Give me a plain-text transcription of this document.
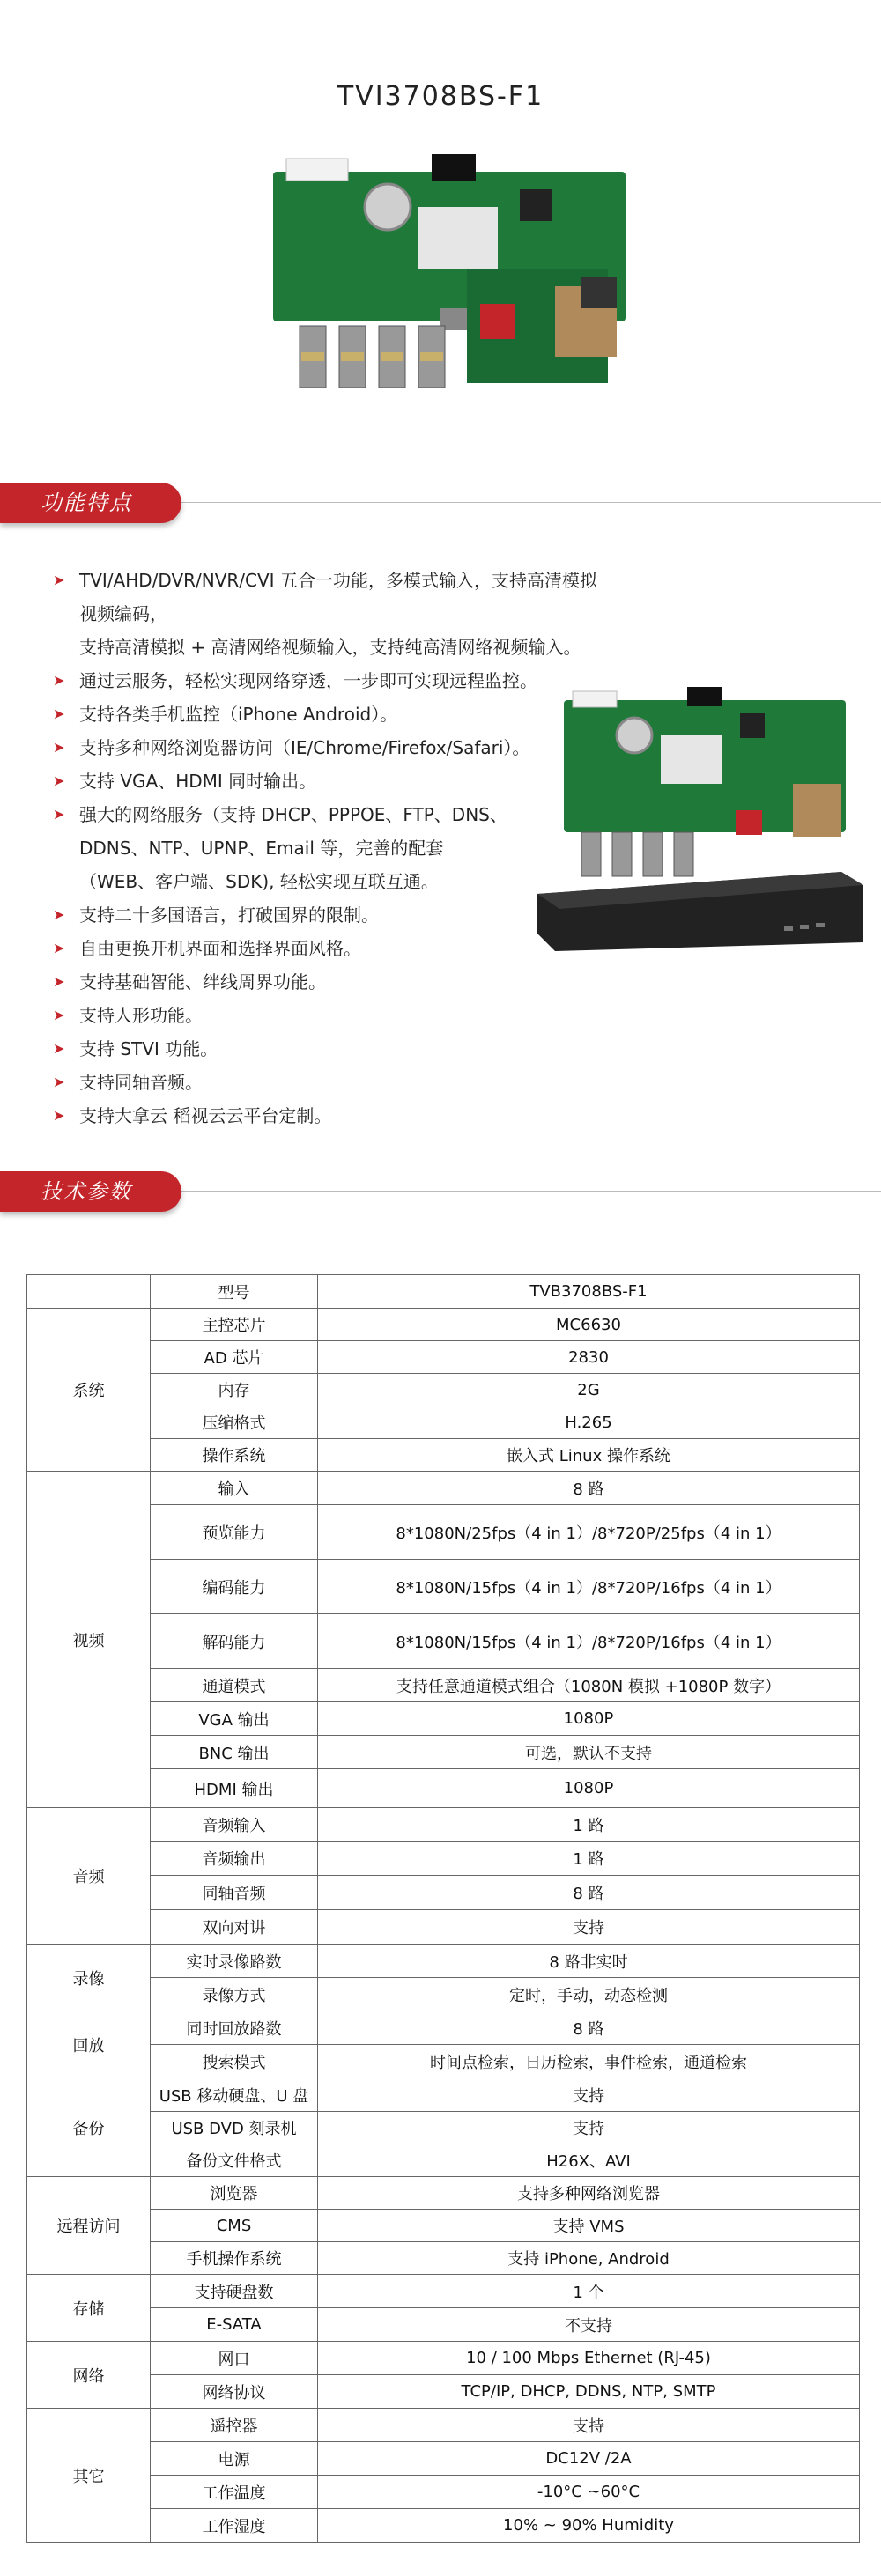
TVI3708BS-F1
功能特点
➤ TVI/AHD/DVR/NVR/CVI 五合一功能，多模式输入，支持高清模拟视频编码，
支持高清模拟 + 高清网络视频输入，支持纯高清网络视频输入。
➤ 通过云服务，轻松实现网络穿透，一步即可实现远程监控。
➤ 支持各类手机监控（iPhone Android）。
➤ 支持多种网络浏览器访问（IE/Chrome/Firefox/Safari）。
➤ 支持 VGA、HDMI 同时输出。
➤ 强大的网络服务（支持 DHCP、PPPOE、FTP、DNS、
DDNS、NTP、UPNP、Email 等，完善的配套
（WEB、客户端、SDK), 轻松实现互联互通。
➤ 支持二十多国语言，打破国界的限制。
➤ 自由更换开机界面和选择界面风格。
➤ 支持基础智能、绊线周界功能。
➤ 支持人形功能。
➤ 支持 STVI 功能。
➤ 支持同轴音频。
➤ 支持大拿云 稻视云云平台定制。
技术参数
	型号	TVB3708BS-F1
系统	主控芯片	MC6630
	AD 芯片	2830
	内存	2G
	压缩格式	H.265
	操作系统	嵌入式 Linux 操作系统
视频	输入	8 路
	预览能力	8*1080N/25fps（4 in 1）/8*720P/25fps（4 in 1）
	编码能力	8*1080N/15fps（4 in 1）/8*720P/16fps（4 in 1）
	解码能力	8*1080N/15fps（4 in 1）/8*720P/16fps（4 in 1）
	通道模式	支持任意通道模式组合（1080N 模拟 +1080P 数字）
	VGA 输出	1080P
	BNC 输出	可选，默认不支持
	HDMI 输出	1080P
音频	音频输入	1 路
	音频输出	1 路
	同轴音频	8 路
	双向对讲	支持
录像	实时录像路数	8 路非实时
	录像方式	定时，手动，动态检测
回放	同时回放路数	8 路
	搜索模式	时间点检索，日历检索，事件检索，通道检索
备份	USB 移动硬盘、U 盘	支持
	USB DVD 刻录机	支持
	备份文件格式	H26X、AVI
远程访问	浏览器	支持多种网络浏览器
	CMS	支持 VMS
	手机操作系统	支持 iPhone, Android
存储	支持硬盘数	1 个
	E-SATA	不支持
网络	网口	10 / 100 Mbps Ethernet (RJ-45)
	网络协议	TCP/IP, DHCP, DDNS, NTP, SMTP
其它	遥控器	支持
	电源	DC12V /2A
	工作温度	-10°C ~60°C
	工作湿度	10% ~ 90% Humidity
